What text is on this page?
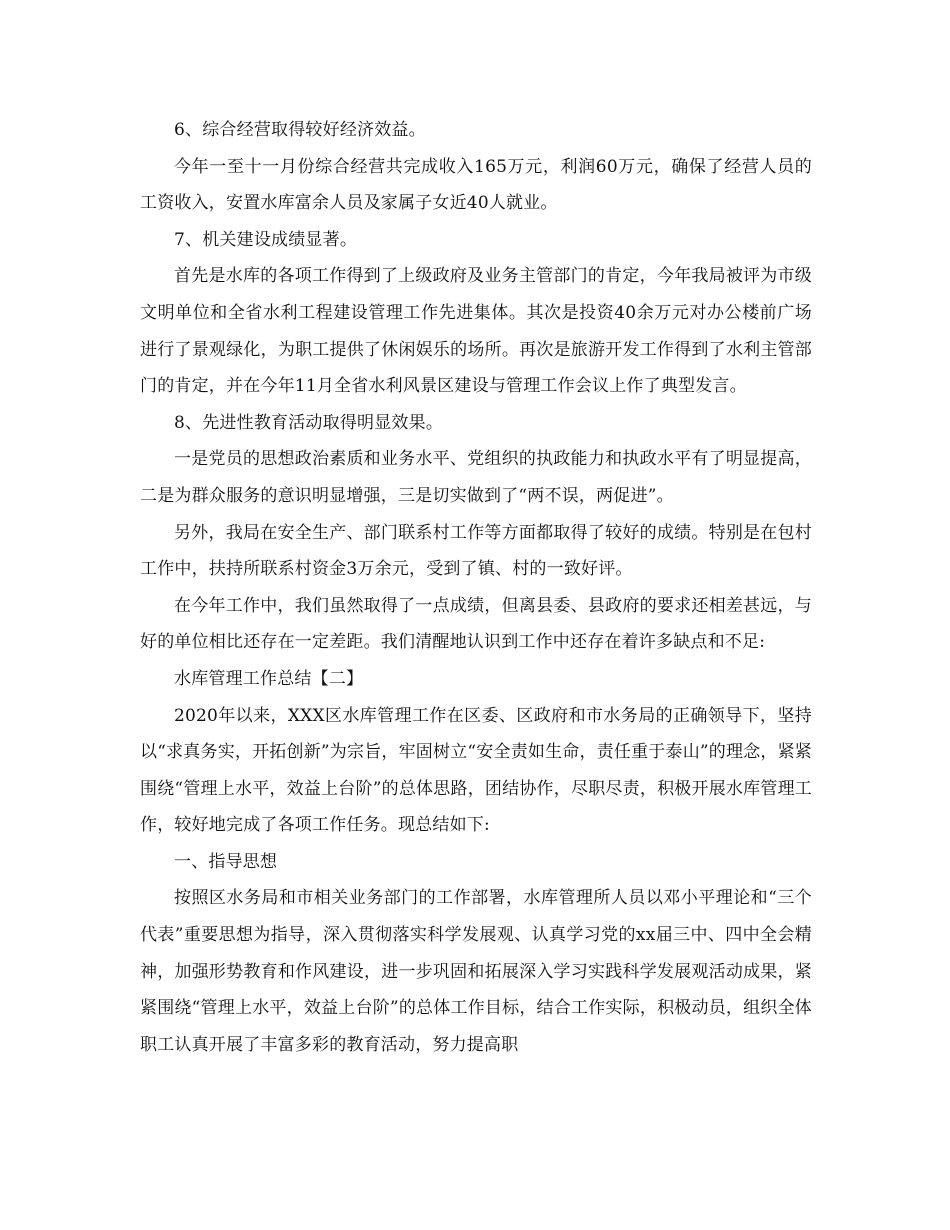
6、综合经营取得较好经济效益。

今年一至十一月份综合经营共完成收入165万元，利润60万元，确保了经营人员的工资收入，安置水库富余人员及家属子女近40人就业。

7、机关建设成绩显著。

首先是水库的各项工作得到了上级政府及业务主管部门的肯定，今年我局被评为市级文明单位和全省水利工程建设管理工作先进集体。其次是投资40余万元对办公楼前广场进行了景观绿化，为职工提供了休闲娱乐的场所。再次是旅游开发工作得到了水利主管部门的肯定，并在今年11月全省水利风景区建设与管理工作会议上作了典型发言。

8、先进性教育活动取得明显效果。

一是党员的思想政治素质和业务水平、党组织的执政能力和执政水平有了明显提高，二是为群众服务的意识明显增强，三是切实做到了“两不误，两促进”。

另外，我局在安全生产、部门联系村工作等方面都取得了较好的成绩。特别是在包村工作中，扶持所联系村资金3万余元，受到了镇、村的一致好评。

在今年工作中，我们虽然取得了一点成绩，但离县委、县政府的要求还相差甚远，与好的单位相比还存在一定差距。我们清醒地认识到工作中还存在着许多缺点和不足:

水库管理工作总结【二】

2020年以来，XXX区水库管理工作在区委、区政府和市水务局的正确领导下，坚持以“求真务实，开拓创新”为宗旨，牢固树立“安全责如生命，责任重于泰山”的理念，紧紧围绕“管理上水平，效益上台阶”的总体思路，团结协作，尽职尽责，积极开展水库管理工作，较好地完成了各项工作任务。现总结如下:

一、指导思想

按照区水务局和市相关业务部门的工作部署，水库管理所人员以邓小平理论和“三个代表”重要思想为指导，深入贯彻落实科学发展观、认真学习党的xx届三中、四中全会精神，加强形势教育和作风建设，进一步巩固和拓展深入学习实践科学发展观活动成果，紧紧围绕“管理上水平，效益上台阶”的总体工作目标，结合工作实际，积极动员，组织全体职工认真开展了丰富多彩的教育活动，努力提高职
